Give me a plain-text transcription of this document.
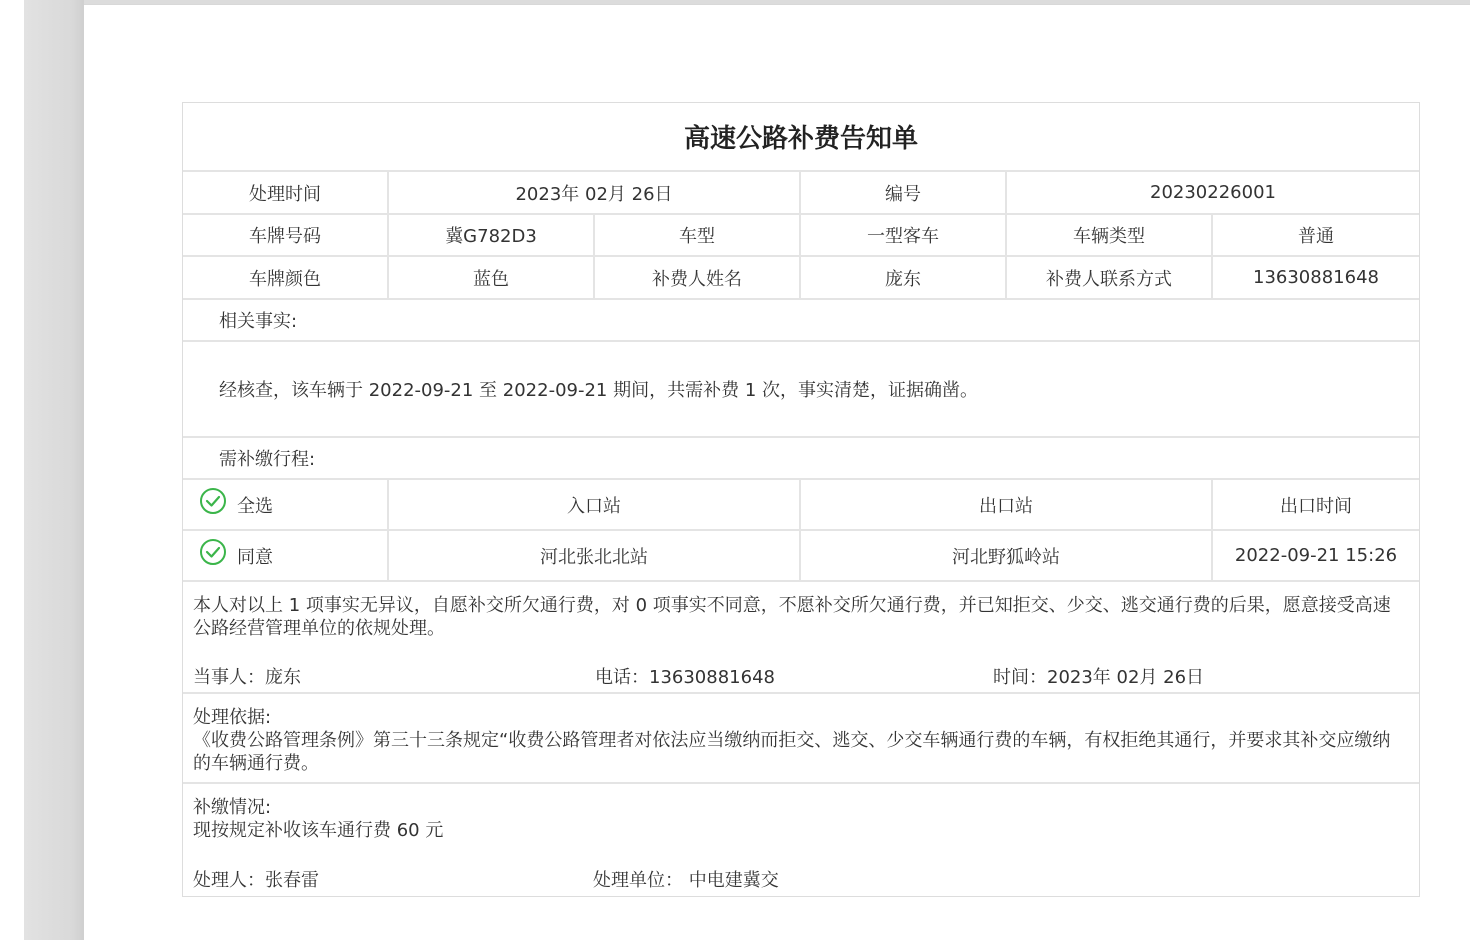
高速公路补费告知单
处理时间	2023年 02月 26日	编号	20230226001
车牌号码	冀G782D3	车型	一型客车	车辆类型	普通
车牌颜色	蓝色	补费人姓名	庞东	补费人联系方式	13630881648
相关事实:
经核查，该车辆于 2022-09-21 至 2022-09-21 期间，共需补费 1 次，事实清楚，证据确凿。
需补缴行程:
全选	入口站	出口站	出口时间
同意	河北张北北站	河北野狐岭站	2022-09-21 15:26
本人对以上 1 项事实无异议，自愿补交所欠通行费，对 0 项事实不同意，不愿补交所欠通行费，并已知拒交、少交、逃交通行费的后果，愿意接受高速公路经营管理单位的依规处理。
当事人：庞东	电话：13630881648	时间：2023年 02月 26日
处理依据:
《收费公路管理条例》第三十三条规定“收费公路管理者对依法应当缴纳而拒交、逃交、少交车辆通行费的车辆，有权拒绝其通行，并要求其补交应缴纳的车辆通行费。
补缴情况:
现按规定补收该车通行费 60 元
处理人：张春雷	处理单位： 中电建冀交
